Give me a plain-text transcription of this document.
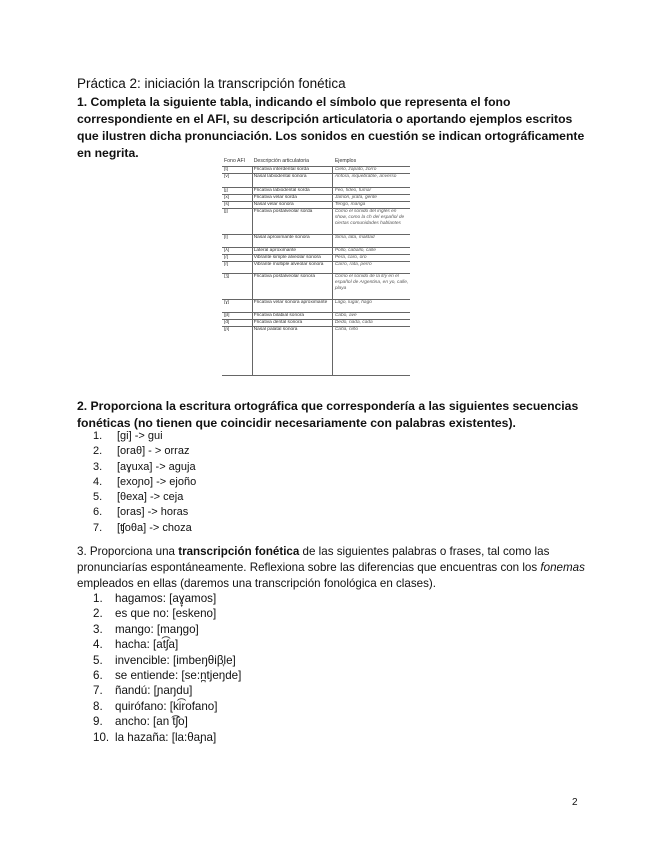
Práctica 2: iniciación la transcripción fonética
1. Completa la siguiente tabla, indicando el símbolo que representa el fono correspondiente en el AFI, su descripción articulatoria o aportando ejemplos escritos que ilustren dicha pronunciación. Los sonidos en cuestión se indican ortográficamente en negrita.
Fono AFI	Descripción articulatoria	Ejemplos
[t]	Fricativa interdental sorda	Cielo, zapato, zorro
[v]	Nasal labiodental sonora	Anfora, inquebrable, anverso
[j]	Fricativa labiodental sorda	Feo, fideo, fumar
[x]	Fricativa velar sorda	Jamón, jirafa, gente
[s]	Nasal velar sonora	Tengo, manga
[ʃ]	Fricativa postalveolar sorda	Como el sonido del inglés en show, como la ch del español de ciertas comunidades hablantes
[l]	Nasal aproximante sonora	Sima, lata, maldad
[ʎ]	Lateral aproximante	Pollo, caballo, calle
[ɾ]	Vibrante simple alveolar sonora	Pera, caro, oro
[r]	Vibrante múltiple alveolar sonora	Carro, rata, perro
[ʒ]	Fricativa postalveolar sonora	Como el sonido de la ll/y en el español de Argentina, en yo, calle, playa
[ɣ]	Fricativa velar sonora aproximante	Lago, lugar, hago
[β]	Fricativa bilabial sonora	Cabo, ave
[ð]	Fricativa dental sonora	Dedo, nada, cada
[ɲ]	Nasal palatal sonora	Caña, niño
2. Proporciona la escritura ortográfica que correspondería a las siguientes secuencias fonéticas (no tienen que coincidir necesariamente con palabras existentes).
1.	[gi] -> gui
2.	[oraθ] - > orraz
3.	[aɣuxa] -> aguja
4.	[exoɲo] -> ejoño
5.	[θexa] -> ceja
6.	[oras] -> horas
7.	[ʧoθa] -> choza
3. Proporciona una transcripción fonética de las siguientes palabras o frases, tal como las pronunciarías espontáneamente. Reflexiona sobre las diferencias que encuentras con los fonemas empleados en ellas (daremos una transcripción fonológica en clases).
1.	hagamos: [aɣ̞amos]
2.	es que no: [eskeno]
3.	mango: [maŋgo]
4.	hacha: [at͡ʃa]
5.	invencible: [imbeŋθiβ̞le]
6.	se entiende: [se:n̪tjeŋde]
7.	ñandú: [ɲaŋdu]
8.	quirófano: [ki͡rofano]
9.	ancho: [an ͡tʃo]
10. la hazaña: [la:θaɲa]
2
